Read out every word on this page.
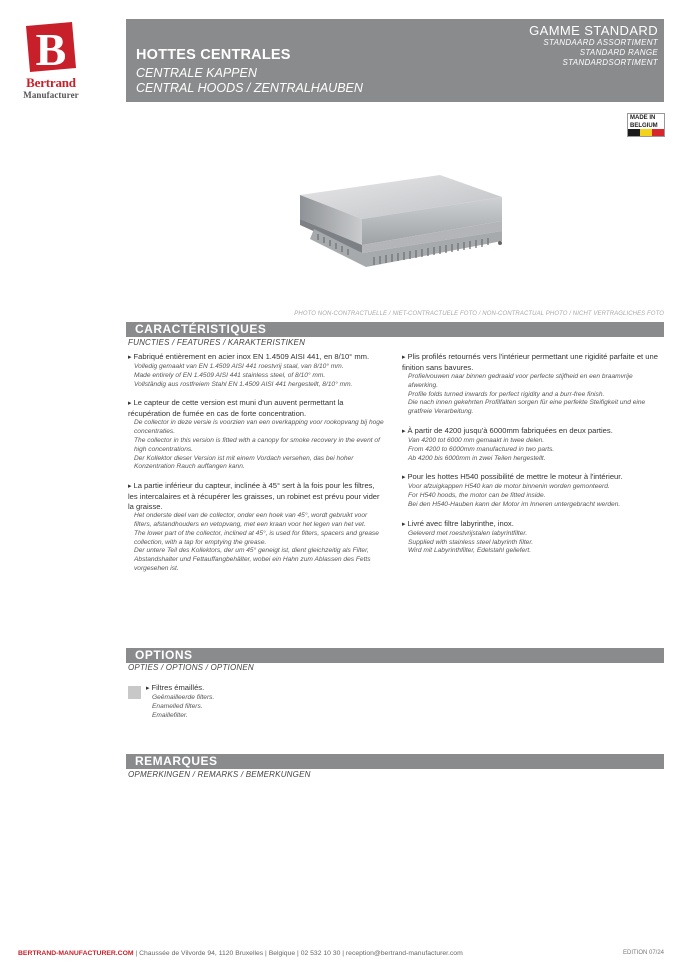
B
Bertrand
Manufacturer
HOTTES CENTRALES
CENTRALE KAPPEN
CENTRAL HOODS / ZENTRALHAUBEN
GAMME STANDARD
STANDAARD ASSORTIMENT
STANDARD RANGE
STANDARDSORTIMENT
MADE IN
BELGIUM
PHOTO NON-CONTRACTUELLE / NIET-CONTRACTUELE FOTO / NON-CONTRACTUAL PHOTO / NICHT VERTRAGLICHES FOTO
CARACTÉRISTIQUES
FUNCTIES / FEATURES / KARAKTERISTIKEN
▸ Fabriqué entièrement en acier inox EN 1.4509 AISI 441, en 8/10° mm.
Volledig gemaakt van EN 1.4509 AISI 441 roestvrij staal, van 8/10° mm.
Made entirely of EN 1.4509 AISI 441 stainless steel, of 8/10° mm.
Vollständig aus rostfreiem Stahl EN 1.4509 AISI 441 hergestellt, 8/10° mm.
▸ Le capteur de cette version est muni d'un auvent permettant la récupération de fumée en cas de forte concentration.
De collector in deze versie is voorzien van een overkapping voor rookopvang bij hoge concentraties.
The collector in this version is fitted with a canopy for smoke recovery in the event of high concentrations.
Der Kollektor dieser Version ist mit einem Vordach versehen, das bei hoher Konzentration Rauch auffangen kann.
▸ La partie inférieur du capteur, inclinée à 45° sert à la fois pour les filtres, les intercalaires et à récupérer les graisses, un robinet est prévu pour vider la graisse.
Het onderste deel van de collector, onder een hoek van 45°, wordt gebruikt voor filters, afstandhouders en vetopvang, met een kraan voor het legen van het vet.
The lower part of the collector, inclined at 45°, is used for filters, spacers and grease collection, with a tap for emptying the grease.
Der untere Teil des Kollektors, der um 45° geneigt ist, dient gleichzeitig als Filter, Abstandshalter und Fettauffangbehälter, wobei ein Hahn zum Ablassen des Fetts vorgesehen ist.
▸ Plis profilés retournés vers l'intérieur permettant une rigidité parfaite et une finition sans bavures.
Profielvouwen naar binnen gedraaid voor perfecte stijfheid en een braamvrije afwerking.
Profile folds turned inwards for perfect rigidity and a burr-free finish.
Die nach innen gekehrten Profilfalten sorgen für eine perfekte Steifigkeit und eine gratfreie Verarbeitung.
▸ À partir de 4200 jusqu'à 6000mm fabriquées en deux parties.
Van 4200 tot 6000 mm gemaakt in twee delen.
From 4200 to 6000mm manufactured in two parts.
Ab 4200 bis 6000mm in zwei Teilen hergestellt.
▸ Pour les hottes H540 possibilité de mettre le moteur à l'intérieur.
Voor afzuigkappen H540 kan de motor binnenin worden gemonteerd.
For H540 hoods, the motor can be fitted inside.
Bei den H540-Hauben kann der Motor im Inneren untergebracht werden.
▸ Livré avec filtre labyrinthe, inox.
Geleverd met roestvrijstalen labyrintfilter.
Supplied with stainless steel labyrinth filter.
Wird mit Labyrinthfilter, Edelstahl geliefert.
OPTIONS
OPTIES / OPTIONS / OPTIONEN
▸ Filtres émaillés.
Geëmailleerde filters.
Enamelled filters.
Emaillefilter.
REMARQUES
OPMERKINGEN / REMARKS / BEMERKUNGEN
BERTRAND-MANUFACTURER.COM | Chaussée de Vilvorde 94, 1120 Bruxelles | Belgique | 02 532 10 30 | reception@bertrand-manufacturer.com	EDITION 07/24
